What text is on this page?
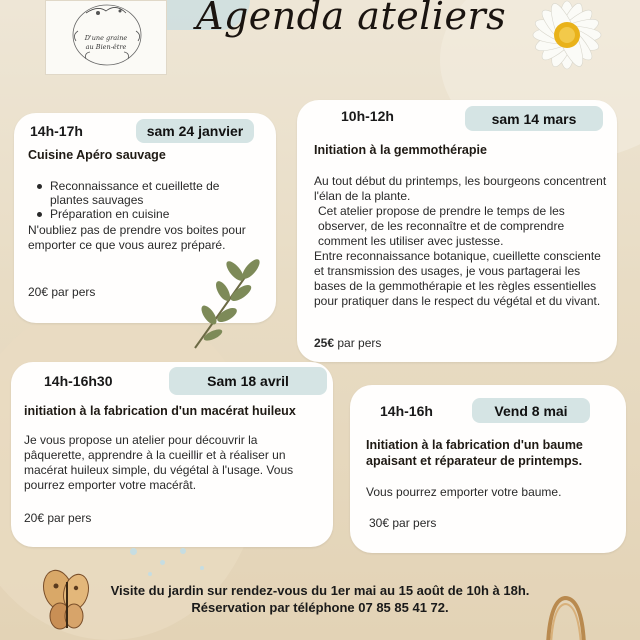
D'une graine
au Bien-être
Agenda ateliers
14h-17h	sam 24 janvier
Cuisine Apéro sauvage
Reconnaissance et cueillette de plantes sauvages
Préparation en cuisine
N'oubliez pas de prendre vos boites pour emporter ce que vous aurez préparé.
20€ par pers
10h-12h	sam 14 mars
Initiation à la gemmothérapie
Au tout début du printemps, les bourgeons concentrent l'élan de la plante.
Cet atelier propose de prendre le temps de les observer, de les reconnaître et de comprendre comment les utiliser avec justesse.
Entre reconnaissance botanique, cueillette consciente et transmission des usages, je vous partagerai les bases de la gemmothérapie et les règles essentielles pour pratiquer dans le respect du végétal et du vivant.
25€ par pers
14h-16h30	Sam 18 avril
initiation à la fabrication d'un macérat huileux
Je vous propose un atelier pour découvrir la pâquerette, apprendre à la cueillir et à réaliser un macérat huileux simple, du végétal à l'usage. Vous pourrez emporter votre macérât.
20€ par pers
14h-16h	Vend 8 mai
Initiation à la fabrication d'un baume apaisant et réparateur de printemps.
Vous pourrez emporter votre baume.
30€ par pers
Visite du jardin sur rendez-vous du 1er mai au 15 août de 10h à 18h.
Réservation par téléphone 07 85 85 41 72.
